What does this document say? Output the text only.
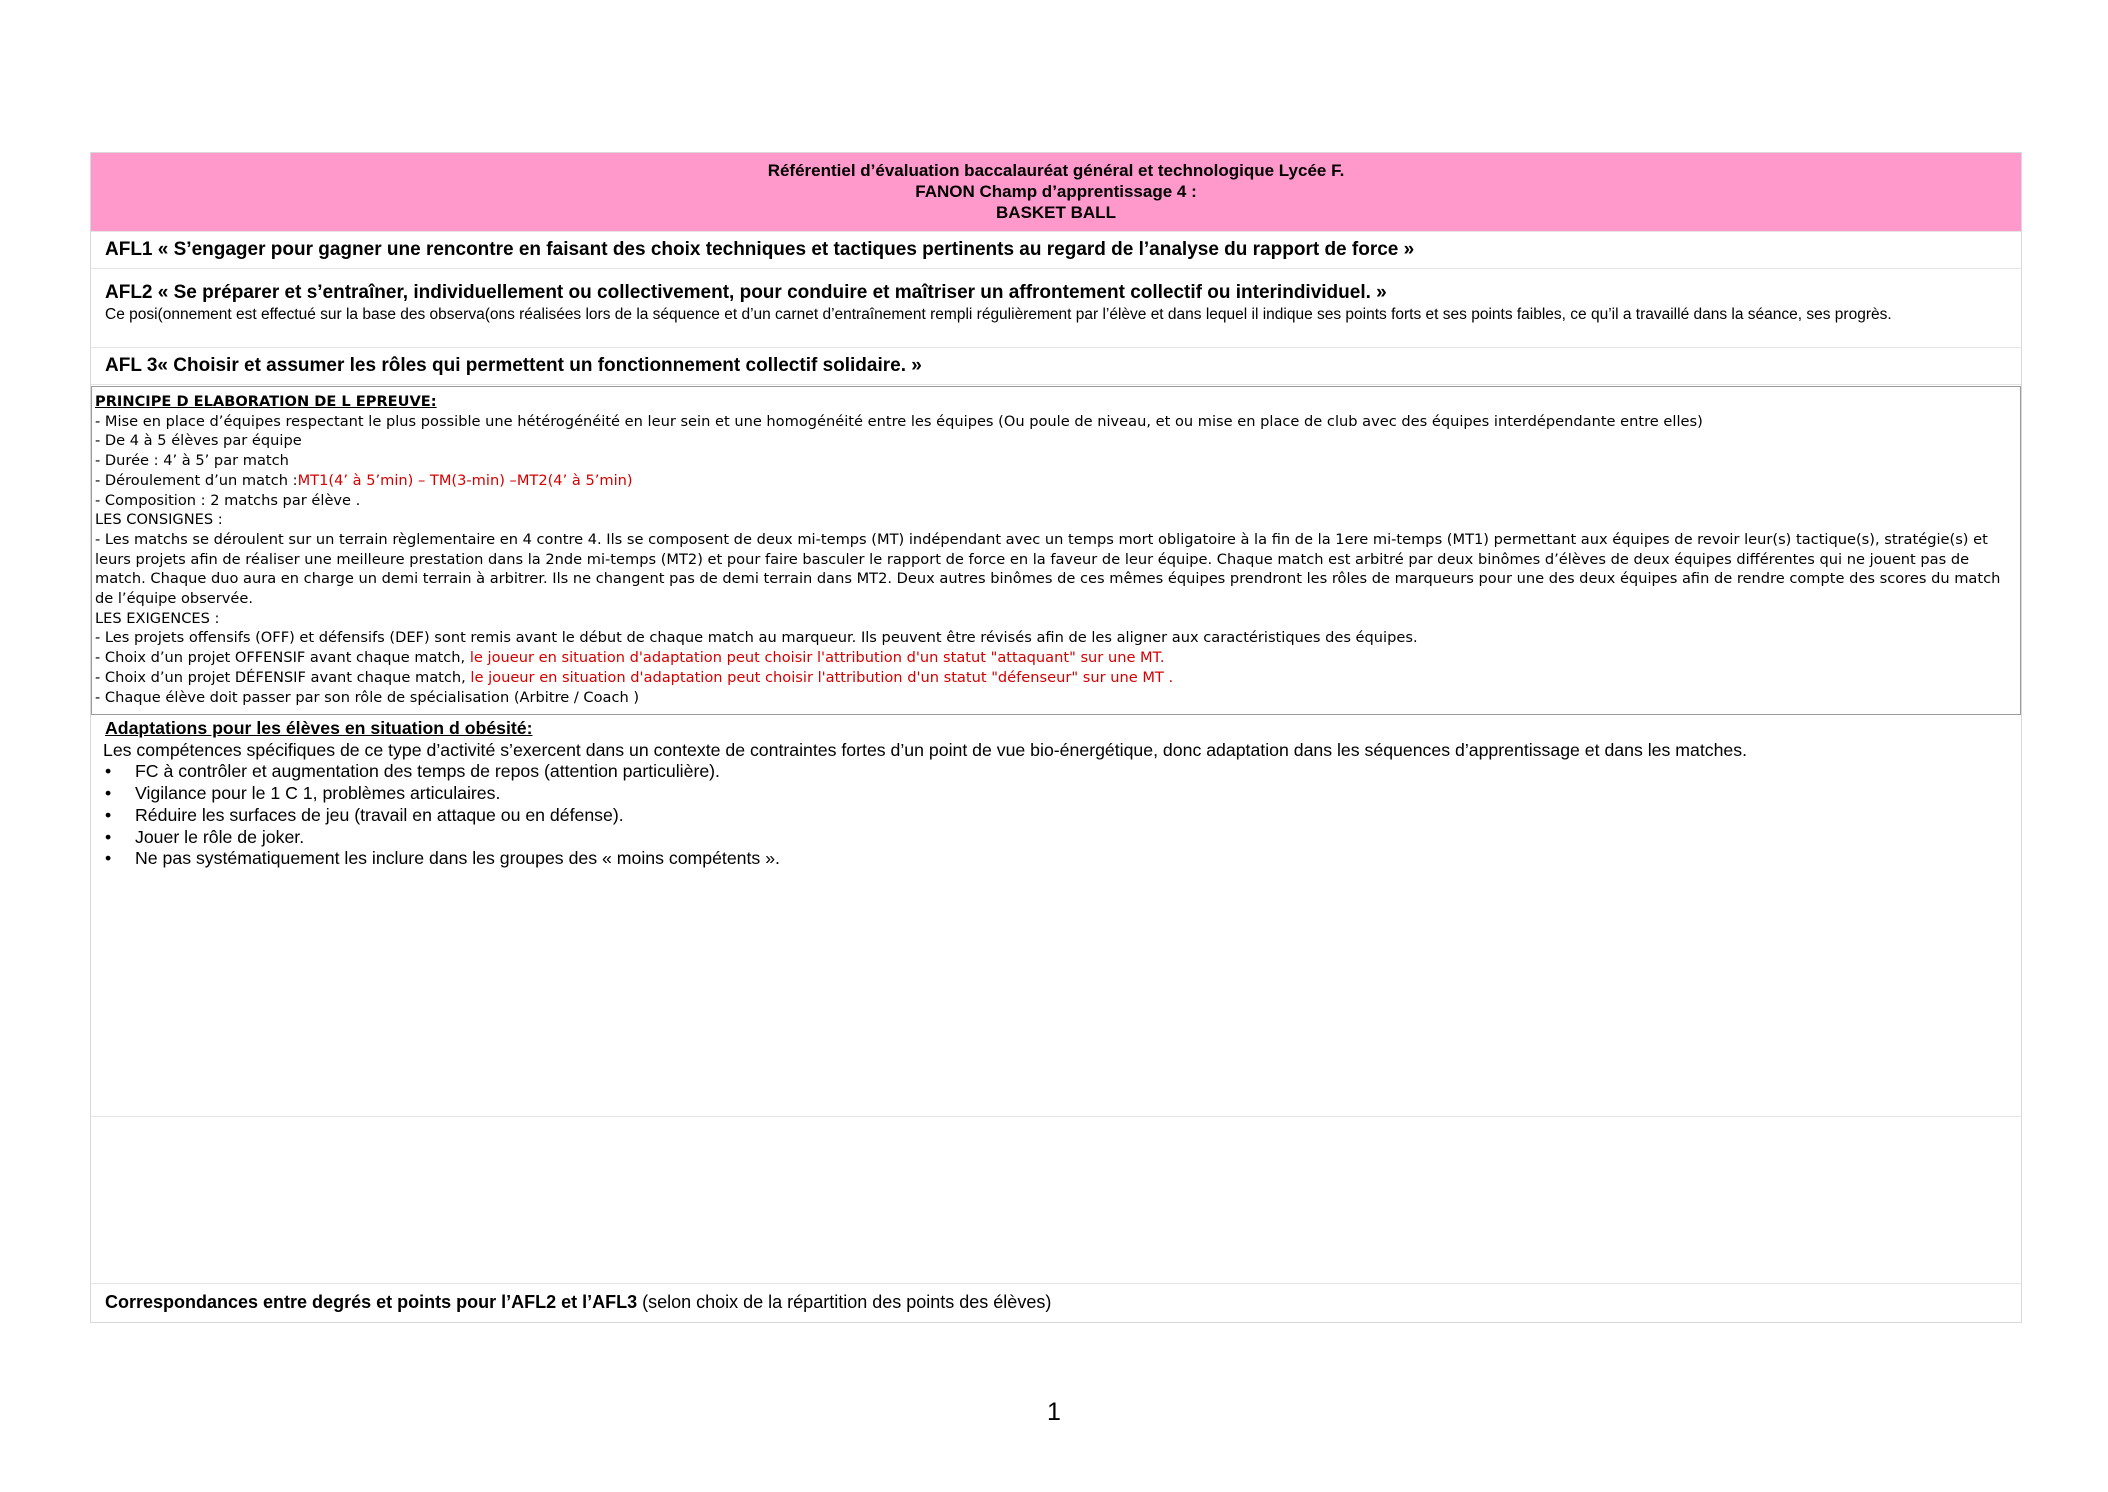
Référentiel d’évaluation baccalauréat général et technologique Lycée F.
FANON Champ d’apprentissage 4 :
BASKET BALL
AFL1 « S’engager pour gagner une rencontre en faisant des choix techniques et tactiques pertinents au regard de l’analyse du rapport de force »
AFL2 « Se préparer et s’entraîner, individuellement ou collectivement, pour conduire et maîtriser un affrontement collectif ou interindividuel. »
Ce posi(onnement est effectué sur la base des observa(ons réalisées lors de la séquence et d’un carnet d’entraînement rempli régulièrement par l’élève et dans lequel il indique ses points forts et ses points faibles, ce qu’il a travaillé dans la séance, ses progrès.
AFL 3« Choisir et assumer les rôles qui permettent un fonctionnement collectif solidaire. »
PRINCIPE D ELABORATION DE L EPREUVE:
- Mise en place d’équipes respectant le plus possible une hétérogénéité en leur sein et une homogénéité entre les équipes (Ou poule de niveau, et ou mise en place de club avec des équipes interdépendante entre elles)
- De 4 à 5 élèves par équipe
- Durée : 4’ à 5’ par match
- Déroulement d’un match :MT1(4’ à 5’min) – TM(3-min) –MT2(4’ à 5’min)
- Composition : 2 matchs par élève .
LES CONSIGNES :
- Les matchs se déroulent sur un terrain règlementaire en 4 contre 4. Ils se composent de deux mi-temps (MT) indépendant avec un temps mort obligatoire à la fin de la 1ere mi-temps (MT1) permettant aux équipes de revoir leur(s) tactique(s), stratégie(s) et leurs projets afin de réaliser une meilleure prestation dans la 2nde mi-temps (MT2) et pour faire basculer le rapport de force en la faveur de leur équipe. Chaque match est arbitré par deux binômes d’élèves de deux équipes différentes qui ne jouent pas de match. Chaque duo aura en charge un demi terrain à arbitrer. Ils ne changent pas de demi terrain dans MT2. Deux autres binômes de ces mêmes équipes prendront les rôles de marqueurs pour une des deux équipes afin de rendre compte des scores du match de l’équipe observée.
LES EXIGENCES :
- Les projets offensifs (OFF) et défensifs (DEF) sont remis avant le début de chaque match au marqueur. Ils peuvent être révisés afin de les aligner aux caractéristiques des équipes.
- Choix d’un projet OFFENSIF avant chaque match, le joueur en situation d'adaptation peut choisir l'attribution d'un statut "attaquant" sur une MT.
- Choix d’un projet DÉFENSIF avant chaque match, le joueur en situation d'adaptation peut choisir l'attribution d'un statut "défenseur" sur une MT .
- Chaque élève doit passer par son rôle de spécialisation (Arbitre / Coach )
Adaptations pour les élèves en situation d obésité:
Les compétences spécifiques de ce type d’activité s’exercent dans un contexte de contraintes fortes d’un point de vue bio-énergétique, donc adaptation dans les séquences d’apprentissage et dans les matches.
• FC à contrôler et augmentation des temps de repos (attention particulière).
• Vigilance pour le 1 C 1, problèmes articulaires.
• Réduire les surfaces de jeu (travail en attaque ou en défense).
• Jouer le rôle de joker.
• Ne pas systématiquement les inclure dans les groupes des « moins compétents ».
Correspondances entre degrés et points pour l’AFL2 et l’AFL3 (selon choix de la répartition des points des élèves)
1
